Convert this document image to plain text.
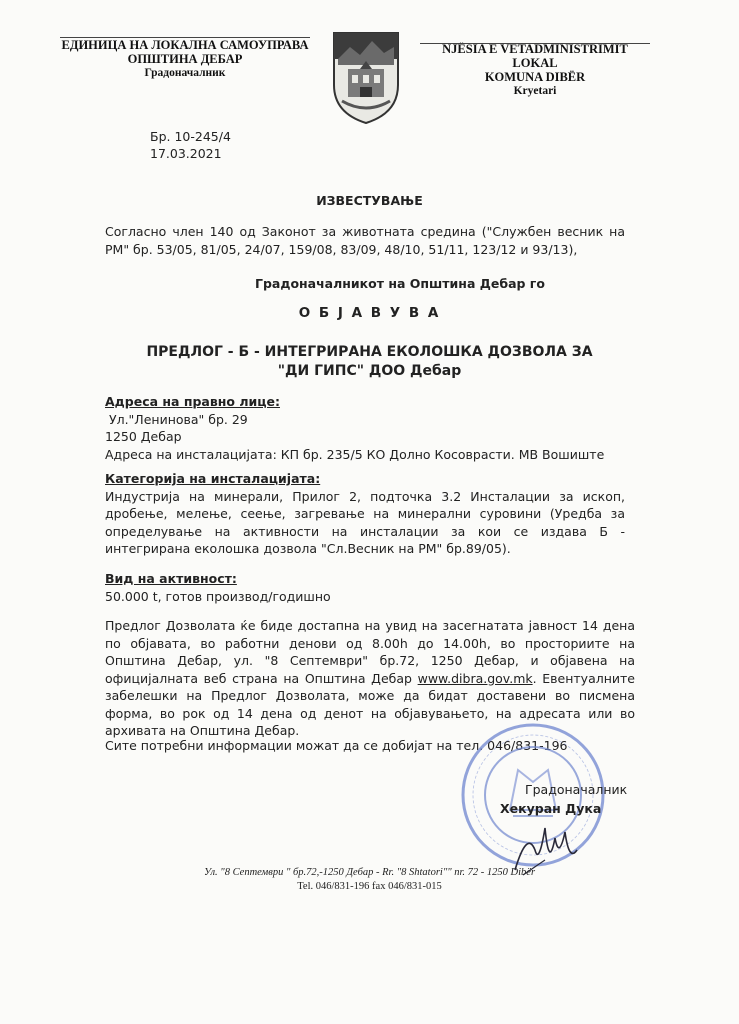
ЕДИНИЦА НА ЛОКАЛНА САМОУПРАВА
ОПШТИНА ДЕБАР
Градоначалник
NJËSIA E VETADMINISTRIMIT LOKAL
KOMUNA DIBËR
Kryetari
Бр. 10-245/4
17.03.2021
ИЗВЕСТУВАЊЕ
Согласно член 140 од Законот за животната средина ("Службен весник на РМ" бр. 53/05, 81/05, 24/07, 159/08, 83/09, 48/10, 51/11, 123/12 и 93/13),
Градоначалникот на Општина Дебар го
О Б Ј А В У В А
ПРЕДЛОГ - Б - ИНТЕГРИРАНА ЕКОЛОШКА ДОЗВОЛА ЗА
"ДИ ГИПС" ДОО Дебар
Адреса на правно лице:
Ул."Ленинова" бр. 29
1250 Дебар
Адреса на инсталацијата: КП бр. 235/5 КО Долно Косоврасти. МВ Вошиште
Категорија на инсталацијата:
Индустрија на минерали, Прилог 2, подточка 3.2 Инсталации за ископ, дробење, мелење, сеење, загревање на минерални суровини (Уредба за определување на активности на инсталации за кои се издава Б - интегрирана еколошка дозвола "Сл.Весник на РМ" бр.89/05).
Вид на активност:
50.000 t, готов производ/годишно
Предлог Дозволата ќе биде достапна на увид на засегнатата јавност 14 дена по објавата, во работни денови од 8.00h до 14.00h, во просториите на Општина Дебар, ул. "8 Септември" бр.72, 1250 Дебар, и објавена на официјалната веб страна на Општина Дебар www.dibra.gov.mk. Евентуалните забелешки на Предлог Дозволата, може да бидат доставени во писмена форма, во рок од 14 дена од денот на објавувањето, на адресата или во архивата на Општина Дебар.
Сите потребни информации можат да се добијат на тел. 046/831-196
Градоначалник
Хекуран Дука
Ул. "8 Септември " бр.72,-1250 Дебар - Rr. "8 Shtatori"" nr. 72 - 1250 Dibër
Tel. 046/831-196 fax 046/831-015
